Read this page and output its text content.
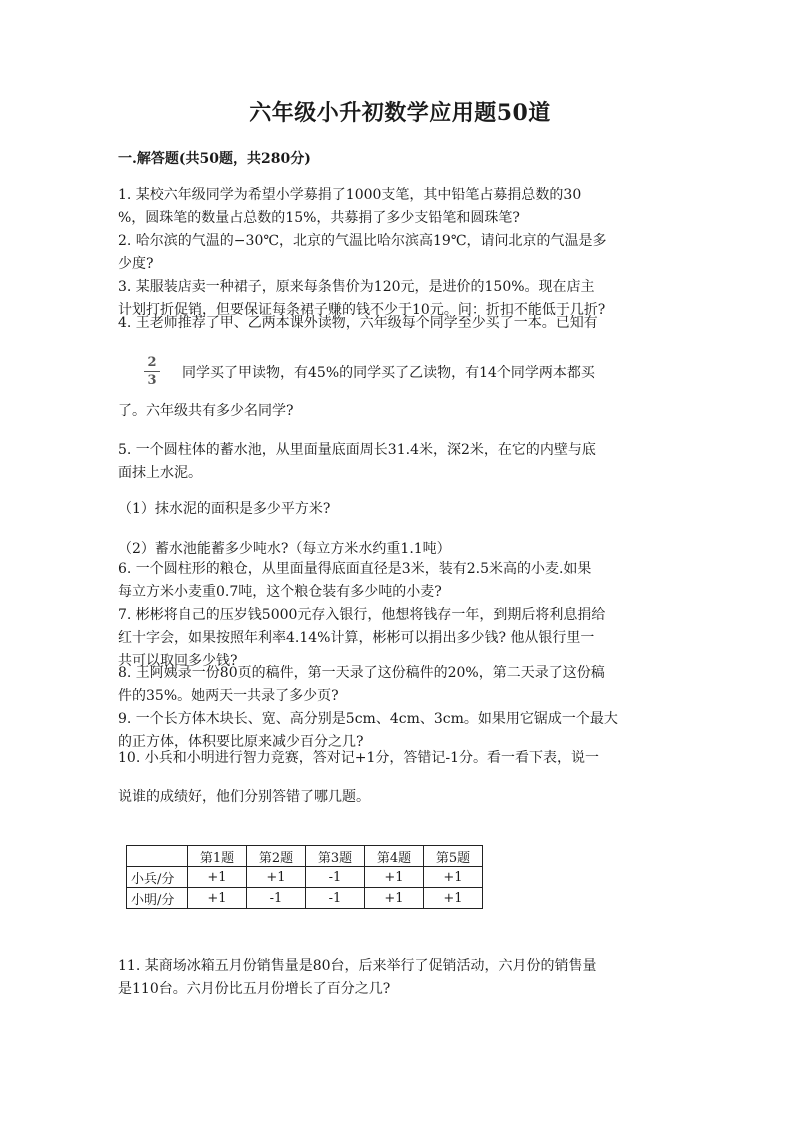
六年级小升初数学应用题50道
一.解答题(共50题，共280分)
1. 某校六年级同学为希望小学募捐了1000支笔，其中铅笔占募捐总数的30
%，圆珠笔的数量占总数的15%，共募捐了多少支铅笔和圆珠笔?
2. 哈尔滨的气温的−30℃，北京的气温比哈尔滨高19℃，请问北京的气温是多
少度?
3. 某服装店卖一种裙子，原来每条售价为120元，是进价的150%。现在店主
计划打折促销，但要保证每条裙子赚的钱不少于10元。问：折扣不能低于几折?
4. 王老师推荐了甲、乙两本课外读物，六年级每个同学至少买了一本。已知有
2
3	同学买了甲读物，有45%的同学买了乙读物，有14个同学两本都买
了。六年级共有多少名同学?
5. 一个圆柱体的蓄水池，从里面量底面周长31.4米，深2米，在它的内壁与底
面抹上水泥。
（1）抹水泥的面积是多少平方米?
（2）蓄水池能蓄多少吨水?（每立方米水约重1.1吨）
6. 一个圆柱形的粮仓，从里面量得底面直径是3米，装有2.5米高的小麦.如果
每立方米小麦重0.7吨，这个粮仓装有多少吨的小麦?
7. 彬彬将自己的压岁钱5000元存入银行，他想将钱存一年，到期后将利息捐给
红十字会，如果按照年利率4.14%计算，彬彬可以捐出多少钱? 他从银行里一
共可以取回多少钱?
8. 王阿姨录一份80页的稿件，第一天录了这份稿件的20%，第二天录了这份稿
件的35%。她两天一共录了多少页?
9. 一个长方体木块长、宽、高分别是5cm、4cm、3cm。如果用它锯成一个最大
的正方体，体积要比原来减少百分之几?
10. 小兵和小明进行智力竞赛，答对记+1分，答错记-1分。看一看下表，说一
说谁的成绩好，他们分别答错了哪几题。
	第1题	第2题	第3题	第4题	第5题
小兵/分	+1	+1	-1	+1	+1
小明/分	+1	-1	-1	+1	+1
11. 某商场冰箱五月份销售量是80台，后来举行了促销活动，六月份的销售量
是110台。六月份比五月份增长了百分之几?
